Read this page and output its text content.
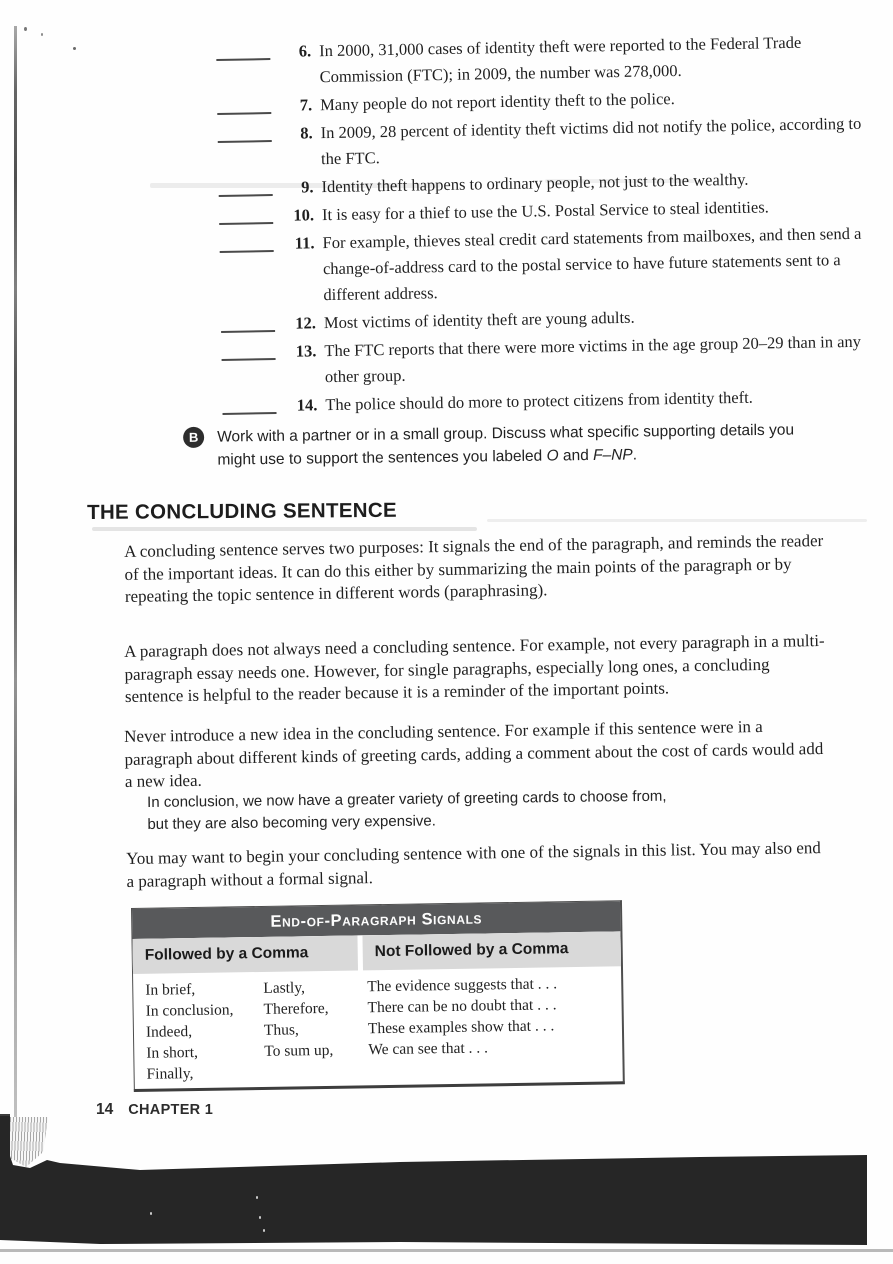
6. In 2000, 31,000 cases of identity theft were reported to the Federal Trade Commission (FTC); in 2009, the number was 278,000.
7. Many people do not report identity theft to the police.
8. In 2009, 28 percent of identity theft victims did not notify the police, according to the FTC.
9. Identity theft happens to ordinary people, not just to the wealthy.
10. It is easy for a thief to use the U.S. Postal Service to steal identities.
11. For example, thieves steal credit card statements from mailboxes, and then send a change-of-address card to the postal service to have future statements sent to a different address.
12. Most victims of identity theft are young adults.
13. The FTC reports that there were more victims in the age group 20–29 than in any other group.
14. The police should do more to protect citizens from identity theft.
B	Work with a partner or in a small group. Discuss what specific supporting details you might use to support the sentences you labeled O and F–NP.
THE CONCLUDING SENTENCE
A concluding sentence serves two purposes: It signals the end of the paragraph, and reminds the reader of the important ideas. It can do this either by summarizing the main points of the paragraph or by repeating the topic sentence in different words (paraphrasing).
A paragraph does not always need a concluding sentence. For example, not every paragraph in a multi-paragraph essay needs one. However, for single paragraphs, especially long ones, a concluding sentence is helpful to the reader because it is a reminder of the important points.
Never introduce a new idea in the concluding sentence. For example if this sentence were in a paragraph about different kinds of greeting cards, adding a comment about the cost of cards would add a new idea.
In conclusion, we now have a greater variety of greeting cards to choose from, but they are also becoming very expensive.
You may want to begin your concluding sentence with one of the signals in this list. You may also end a paragraph without a formal signal.
End-of-Paragraph Signals
Followed by a Comma	Not Followed by a Comma
In brief,
In conclusion,
Indeed,
In short,
Finally,
Lastly,
Therefore,
Thus,
To sum up,
The evidence suggests that . . .
There can be no doubt that . . .
These examples show that . . .
We can see that . . .
14 CHAPTER 1
